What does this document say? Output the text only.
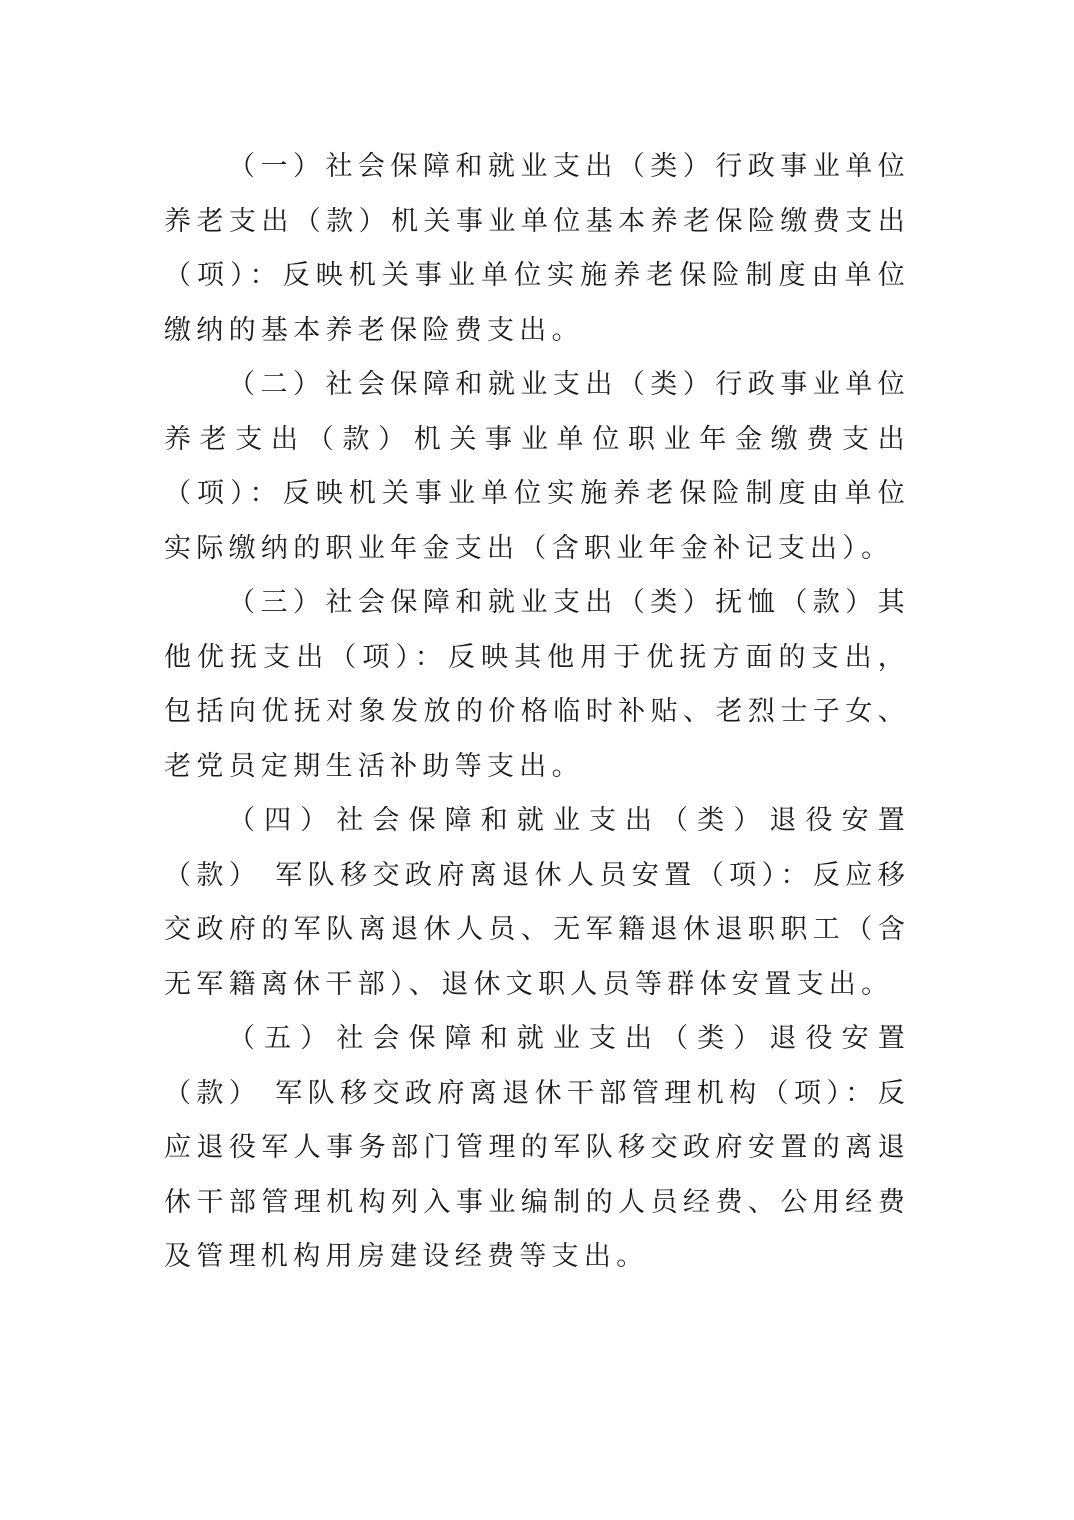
（一）社会保障和就业支出（类）行政事业单位养老支出（款）机关事业单位基本养老保险缴费支出（项）：反映机关事业单位实施养老保险制度由单位缴纳的基本养老保险费支出。

（二）社会保障和就业支出（类）行政事业单位养老支出（款）机关事业单位职业年金缴费支出（项）：反映机关事业单位实施养老保险制度由单位实际缴纳的职业年金支出（含职业年金补记支出）。

（三）社会保障和就业支出（类）抚恤（款）其他优抚支出（项）：反映其他用于优抚方面的支出，包括向优抚对象发放的价格临时补贴、老烈士子女、老党员定期生活补助等支出。

（四）社会保障和就业支出（类）退役安置（款） 军队移交政府离退休人员安置（项）：反应移交政府的军队离退休人员、无军籍退休退职职工（含无军籍离休干部）、退休文职人员等群体安置支出。

（五）社会保障和就业支出（类）退役安置（款） 军队移交政府离退休干部管理机构（项）：反应退役军人事务部门管理的军队移交政府安置的离退休干部管理机构列入事业编制的人员经费、公用经费及管理机构用房建设经费等支出。
